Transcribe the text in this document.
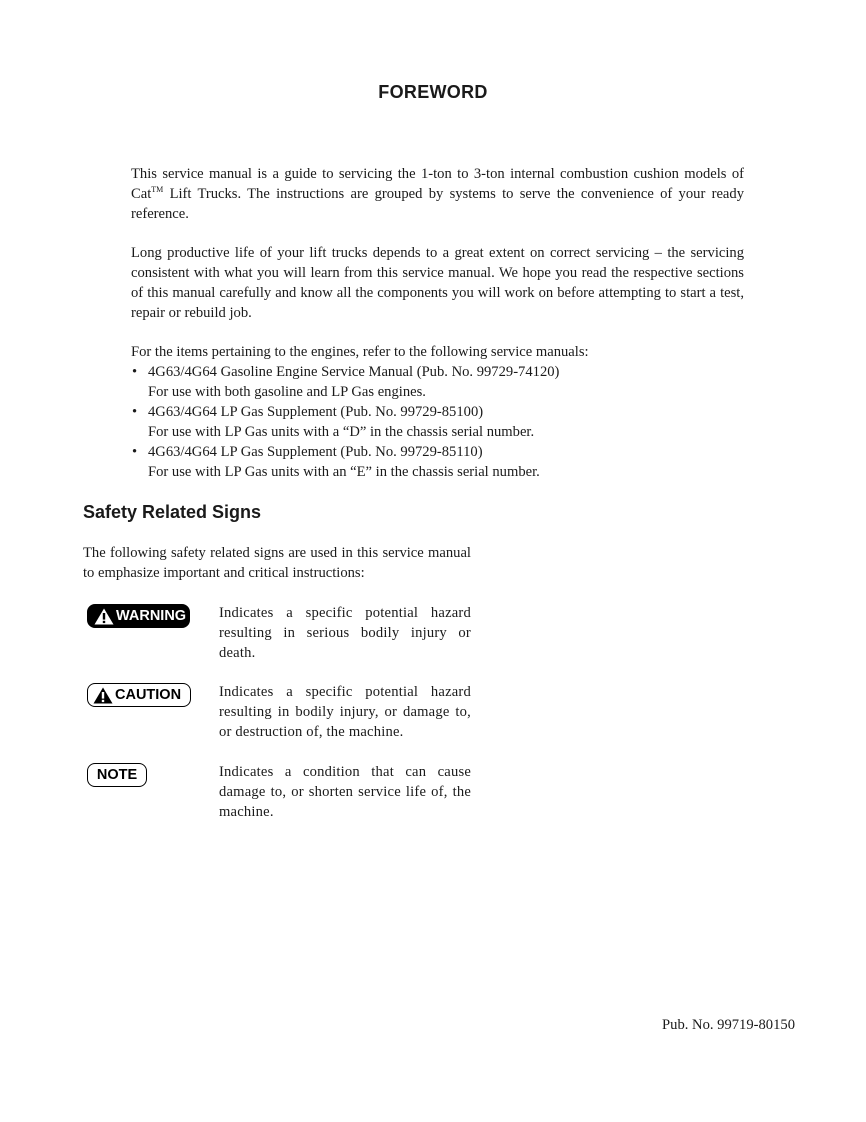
FOREWORD

This service manual is a guide to servicing the 1-ton to 3-ton internal combustion cushion models of Cat™ Lift Trucks. The instructions are grouped by systems to serve the convenience of your ready reference.

Long productive life of your lift trucks depends to a great extent on correct servicing – the servicing consistent with what you will learn from this service manual. We hope you read the respective sections of this manual carefully and know all the components you will work on before attempting to start a test, repair or rebuild job.

For the items pertaining to the engines, refer to the following service manuals:

• 4G63/4G64 Gasoline Engine Service Manual (Pub. No. 99729-74120)
For use with both gasoline and LP Gas engines.
• 4G63/4G64 LP Gas Supplement (Pub. No. 99729-85100)
For use with LP Gas units with a “D” in the chassis serial number.
• 4G63/4G64 LP Gas Supplement (Pub. No. 99729-85110)
For use with LP Gas units with an “E” in the chassis serial number.
Safety Related Signs

The following safety related signs are used in this service manual to emphasize important and critical instructions:

WARNING Indicates a specific potential hazard resulting in serious bodily injury or death.

CAUTION	Indicates a specific potential hazard resulting in bodily injury, or damage to, or destruction of, the machine.

NOTE	Indicates a condition that can cause damage to, or shorten service life of, the machine.

Pub. No. 99719-80150
